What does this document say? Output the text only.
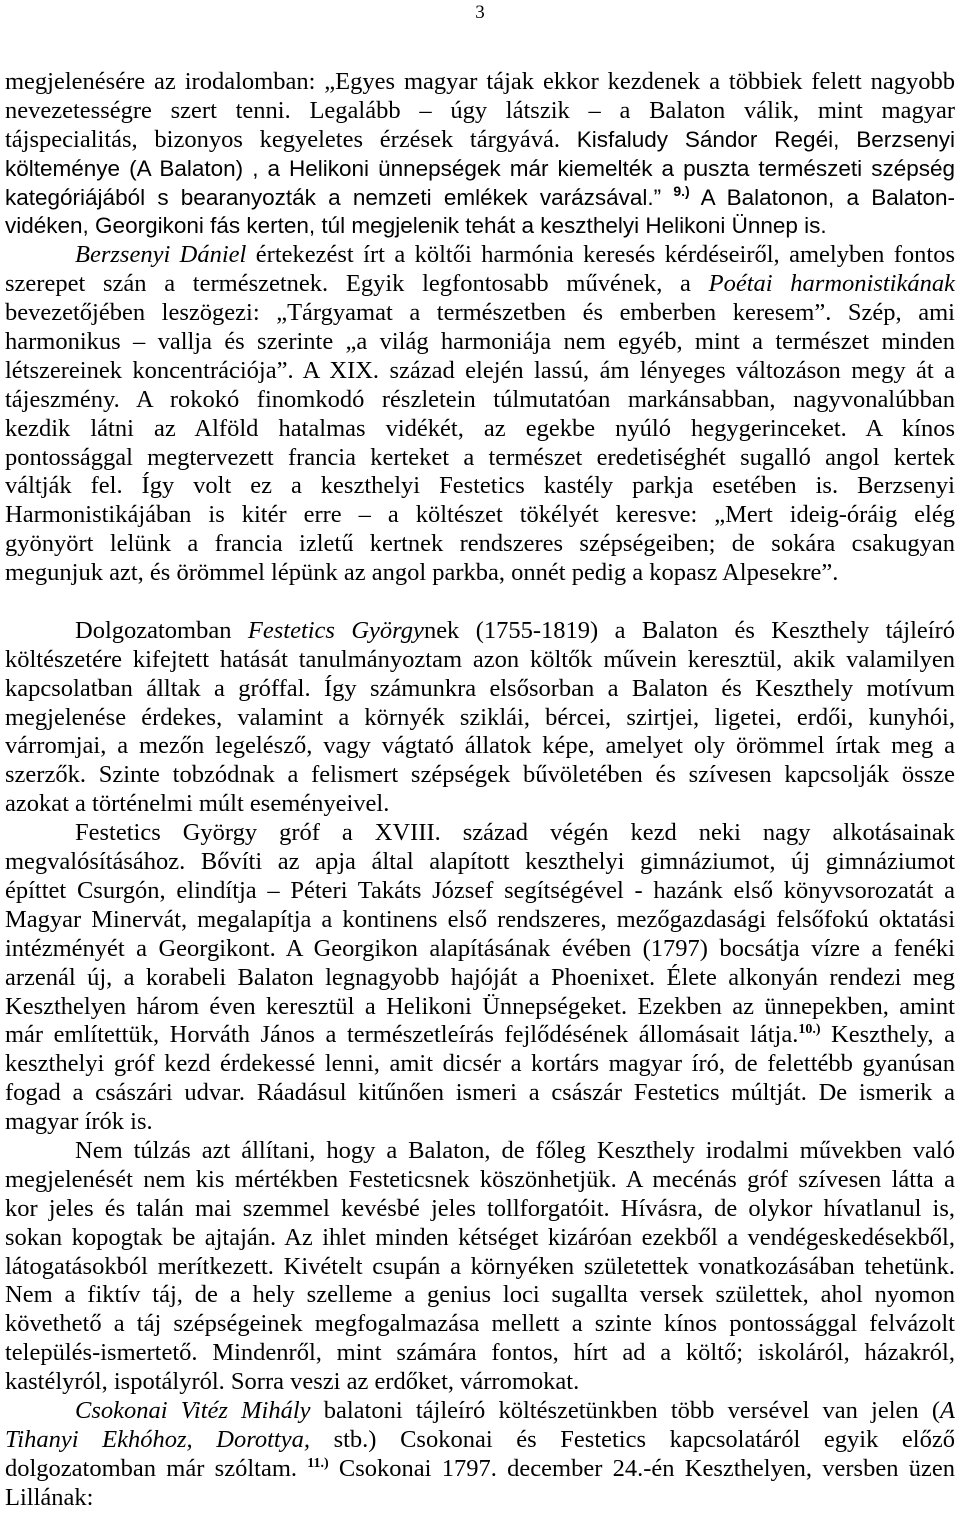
3
megjelenésére az irodalomban: „Egyes magyar tájak ekkor kezdenek a többiek felett nagyobb
nevezetességre szert tenni. Legalább – úgy látszik – a Balaton válik, mint magyar
tájspecialitás, bizonyos kegyeletes érzések tárgyává. Kisfaludy Sándor Regéi, Berzsenyi
költeménye (A Balaton) , a Helikoni ünnepségek már kiemelték a puszta természeti szépség
kategóriájából s bearanyozták a nemzeti emlékek varázsával.” $^{9.)}$ A Balatonon, a Balaton-
vidéken, Georgikoni fás kerten, túl megjelenik tehát a keszthelyi Helikoni Ünnep is.
Berzsenyi Dániel értekezést írt a költői harmónia keresés kérdéseiről, amelyben fontos
szerepet szán a természetnek. Egyik legfontosabb művének, a Poétai harmonistikának
bevezetőjében leszögezi: „Tárgyamat a természetben és emberben keresem”. Szép, ami
harmonikus – vallja és szerinte „a világ harmoniája nem egyéb, mint a természet minden
létszereinek koncentrációja”. A XIX. század elején lassú, ám lényeges változáson megy át a
tájeszmény. A rokokó finomkodó részletein túlmutatóan markánsabban, nagyvonalúbban
kezdik látni az Alföld hatalmas vidékét, az egekbe nyúló hegygerinceket. A kínos
pontossággal megtervezett francia kerteket a természet eredetiséghét sugalló angol kertek
váltják fel. Így volt ez a keszthelyi Festetics kastély parkja esetében is. Berzsenyi
Harmonistikájában is kitér erre – a költészet tökélyét keresve: „Mert ideig-óráig elég
gyönyört lelünk a francia izletű kertnek rendszeres szépségeiben; de sokára csakugyan
megunjuk azt, és örömmel lépünk az angol parkba, onnét pedig a kopasz Alpesekre”.
Dolgozatomban Festetics Györgynek (1755-1819) a Balaton és Keszthely tájleíró
költészetére kifejtett hatását tanulmányoztam azon költők művein keresztül, akik valamilyen
kapcsolatban álltak a gróffal. Így számunkra elsősorban a Balaton és Keszthely motívum
megjelenése érdekes, valamint a környék sziklái, bércei, szirtjei, ligetei, erdői, kunyhói,
várromjai, a mezőn legelésző, vagy vágtató állatok képe, amelyet oly örömmel írtak meg a
szerzők. Szinte tobzódnak a felismert szépségek bűvöletében és szívesen kapcsolják össze
azokat a történelmi múlt eseményeivel.
Festetics György gróf a XVIII. század végén kezd neki nagy alkotásainak
megvalósításához. Bővíti az apja által alapított keszthelyi gimnáziumot, új gimnáziumot
építtet Csurgón, elindítja – Péteri Takáts József segítségével - hazánk első könyvsorozatát a
Magyar Minervát, megalapítja a kontinens első rendszeres, mezőgazdasági felsőfokú oktatási
intézményét a Georgikont. A Georgikon alapításának évében (1797) bocsátja vízre a fenéki
arzenál új, a korabeli Balaton legnagyobb hajóját a Phoenixet. Élete alkonyán rendezi meg
Keszthelyen három éven keresztül a Helikoni Ünnepségeket. Ezekben az ünnepekben, amint
már említettük, Horváth János a természetleírás fejlődésének állomásait látja.$^{10.)}$ Keszthely, a
keszthelyi gróf kezd érdekessé lenni, amit dicsér a kortárs magyar író, de felettébb gyanúsan
fogad a császári udvar. Ráadásul kitűnően ismeri a császár Festetics múltját. De ismerik a
magyar írók is.
Nem túlzás azt állítani, hogy a Balaton, de főleg Keszthely irodalmi művekben való
megjelenését nem kis mértékben Festeticsnek köszönhetjük. A mecénás gróf szívesen látta a
kor jeles és talán mai szemmel kevésbé jeles tollforgatóit. Hívásra, de olykor hívatlanul is,
sokan kopogtak be ajtaján. Az ihlet minden kétséget kizáróan ezekből a vendégeskedésekből,
látogatásokból merítkezett. Kivételt csupán a környéken születettek vonatkozásában tehetünk.
Nem a fiktív táj, de a hely szelleme a genius loci sugallta versek születtek, ahol nyomon
követhető a táj szépségeinek megfogalmazása mellett a szinte kínos pontossággal felvázolt
település-ismertető. Mindenről, mint számára fontos, hírt ad a költő; iskoláról, házakról,
kastélyról, ispotályról. Sorra veszi az erdőket, várromokat.
Csokonai Vitéz Mihály balatoni tájleíró költészetünkben több versével van jelen (A
Tihanyi Ekhóhoz, Dorottya, stb.) Csokonai és Festetics kapcsolatáról egyik előző
dolgozatomban már szóltam. $^{11.)}$ Csokonai 1797. december 24.-én Keszthelyen, versben üzen
Lillának:
